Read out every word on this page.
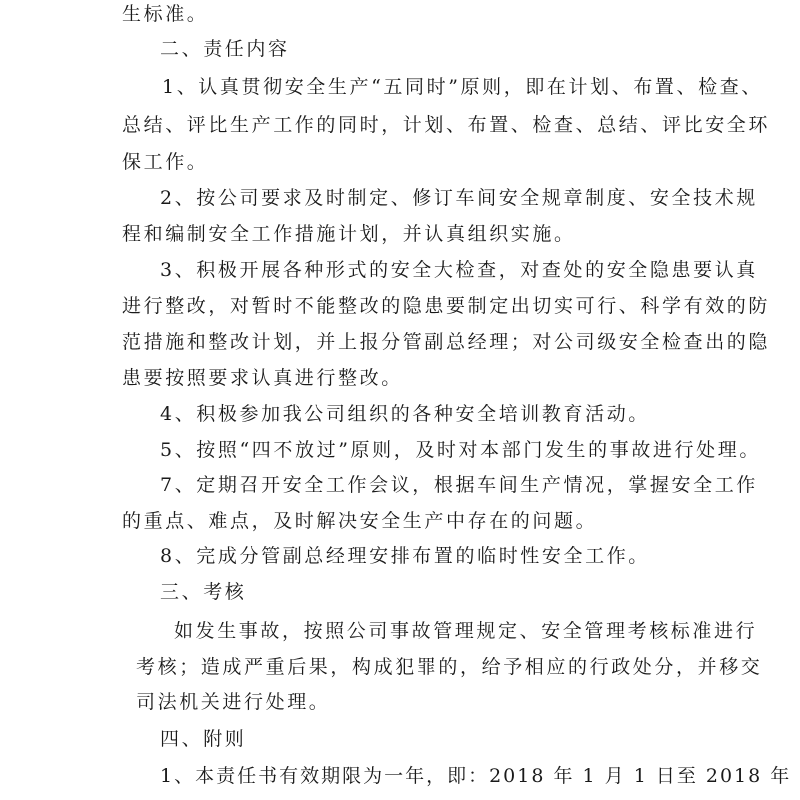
生标准。
二、责任内容
1、认真贯彻安全生产“五同时”原则，即在计划、布置、检查、
总结、评比生产工作的同时，计划、布置、检查、总结、评比安全环
保工作。
2、按公司要求及时制定、修订车间安全规章制度、安全技术规
程和编制安全工作措施计划，并认真组织实施。
3、积极开展各种形式的安全大检查，对查处的安全隐患要认真
进行整改，对暂时不能整改的隐患要制定出切实可行、科学有效的防
范措施和整改计划，并上报分管副总经理；对公司级安全检查出的隐
患要按照要求认真进行整改。
4、积极参加我公司组织的各种安全培训教育活动。
5、按照“四不放过”原则，及时对本部门发生的事故进行处理。
7、定期召开安全工作会议，根据车间生产情况，掌握安全工作
的重点、难点，及时解决安全生产中存在的问题。
8、完成分管副总经理安排布置的临时性安全工作。
三、考核
如发生事故，按照公司事故管理规定、安全管理考核标准进行
考核；造成严重后果，构成犯罪的，给予相应的行政处分，并移交
司法机关进行处理。
四、附则
1、本责任书有效期限为一年，即：2018 年 1 月 1 日至 2018 年
